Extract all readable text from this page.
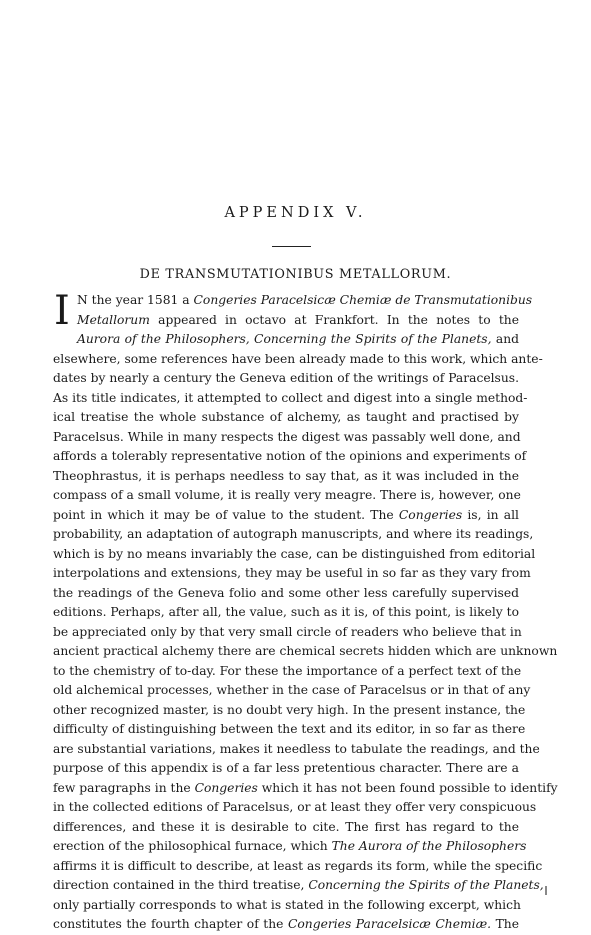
APPENDIX V.
DE TRANSMUTATIONIBUS METALLORUM.
I N the year 1581 a Congeries Paracelsicæ Chemiæ de Transmutationibus
Metallorum appeared in octavo at Frankfort. In the notes to the
Aurora of the Philosophers, Concerning the Spirits of the Planets, and
elsewhere, some references have been already made to this work, which ante-
dates by nearly a century the Geneva edition of the writings of Paracelsus.
As its title indicates, it attempted to collect and digest into a single method-
ical treatise the whole substance of alchemy, as taught and practised by
Paracelsus. While in many respects the digest was passably well done, and
affords a tolerably representative notion of the opinions and experiments of
Theophrastus, it is perhaps needless to say that, as it was included in the
compass of a small volume, it is really very meagre. There is, however, one
point in which it may be of value to the student. The Congeries is, in all
probability, an adaptation of autograph manuscripts, and where its readings,
which is by no means invariably the case, can be distinguished from editorial
interpolations and extensions, they may be useful in so far as they vary from
the readings of the Geneva folio and some other less carefully supervised
editions. Perhaps, after all, the value, such as it is, of this point, is likely to
be appreciated only by that very small circle of readers who believe that in
ancient practical alchemy there are chemical secrets hidden which are unknown
to the chemistry of to-day. For these the importance of a perfect text of the
old alchemical processes, whether in the case of Paracelsus or in that of any
other recognized master, is no doubt very high. In the present instance, the
difficulty of distinguishing between the text and its editor, in so far as there
are substantial variations, makes it needless to tabulate the readings, and the
purpose of this appendix is of a far less pretentious character. There are a
few paragraphs in the Congeries which it has not been found possible to identify
in the collected editions of Paracelsus, or at least they offer very conspicuous
differences, and these it is desirable to cite. The first has regard to the
erection of the philosophical furnace, which The Aurora of the Philosophers
affirms it is difficult to describe, at least as regards its form, while the specific
direction contained in the third treatise, Concerning the Spirits of the Planets,
only partially corresponds to what is stated in the following excerpt, which
constitutes the fourth chapter of the Congeries Paracelsicæ Chemiæ. The
